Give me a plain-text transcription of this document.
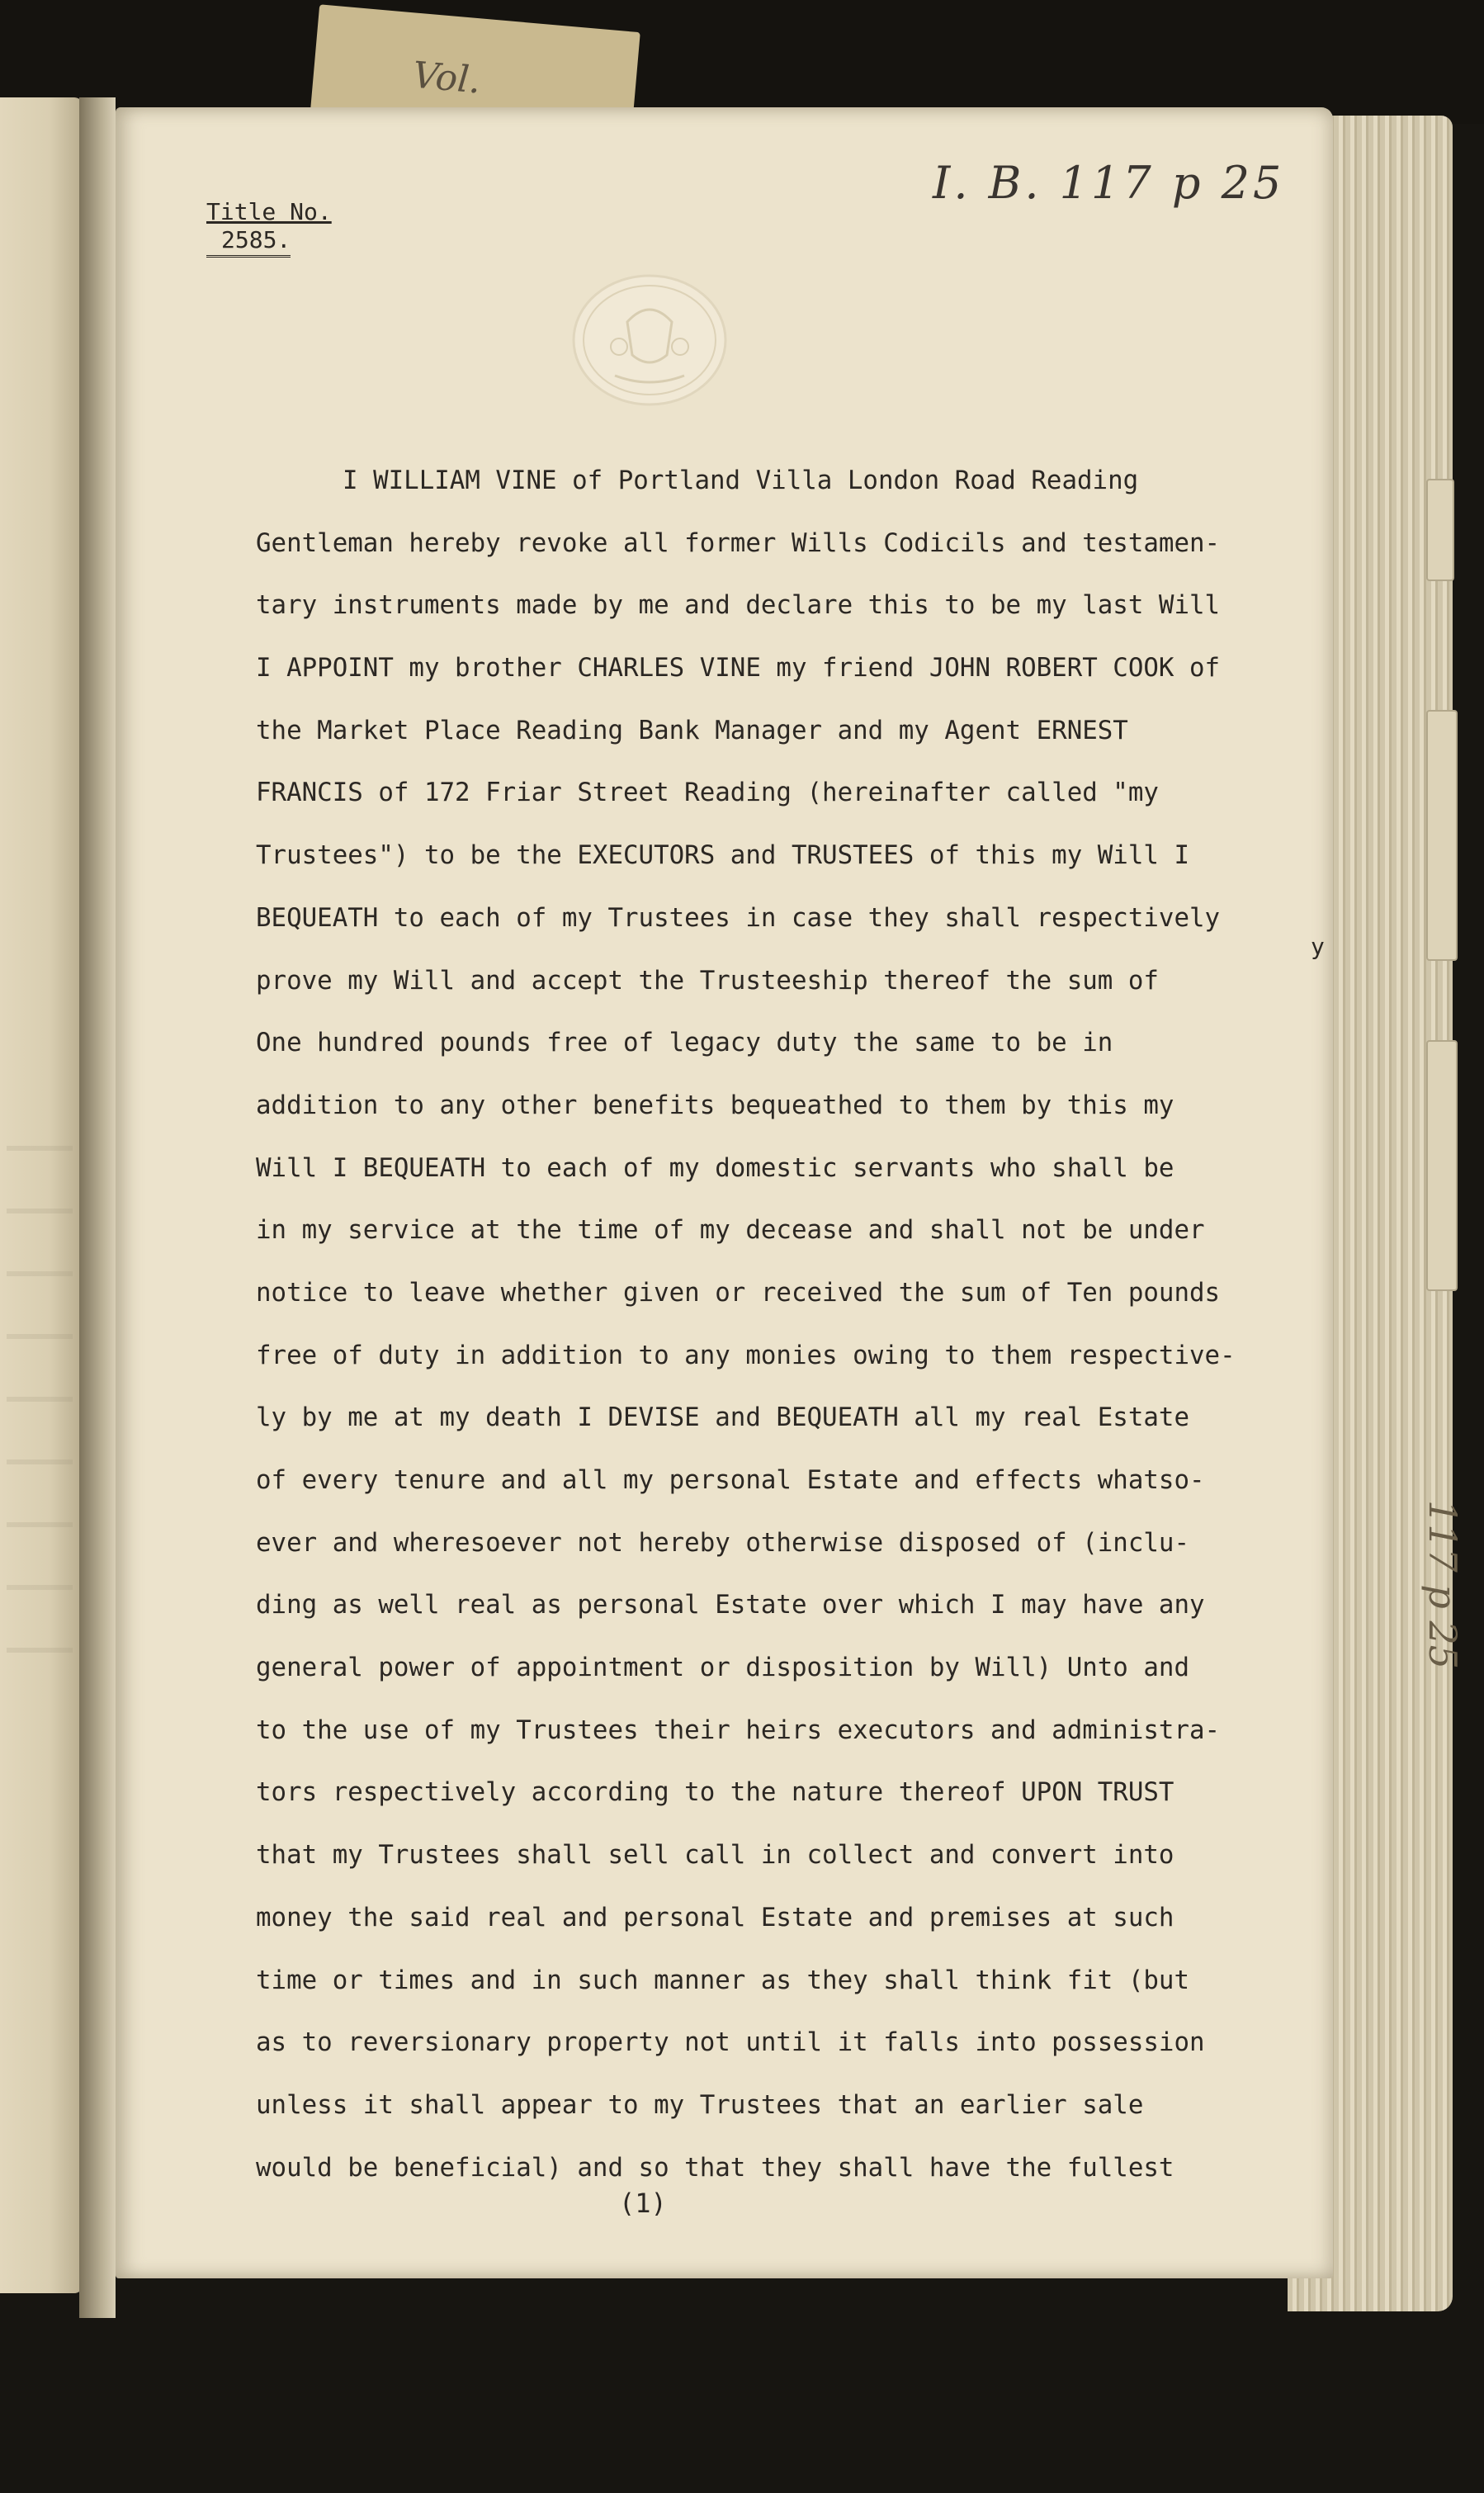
Vol.
117 p 25
Title No.
2585.
I. B. 117 p 25
I WILLIAM VINE of Portland Villa London Road Reading
Gentleman hereby revoke all former Wills Codicils and testamen-
tary instruments made by me and declare this to be my last Will
I APPOINT my brother CHARLES VINE my friend JOHN ROBERT COOK of
the Market Place Reading Bank Manager and my Agent ERNEST
FRANCIS of 172 Friar Street Reading (hereinafter called "my
Trustees") to be the EXECUTORS and TRUSTEES of this my Will I
BEQUEATH to each of my Trustees in case they shall respectively
prove my Will and accept the Trusteeship thereof the sum of
One hundred pounds free of legacy duty the same to be in
addition to any other benefits bequeathed to them by this my
Will I BEQUEATH to each of my domestic servants who shall be
in my service at the time of my decease and shall not be under
notice to leave whether given or received the sum of Ten pounds
free of duty in addition to any monies owing to them respective-
ly by me at my death I DEVISE and BEQUEATH all my real Estate
of every tenure and all my personal Estate and effects whatso-
ever and wheresoever not hereby otherwise disposed of (inclu-
ding as well real as personal Estate over which I may have any
general power of appointment or disposition by Will) Unto and
to the use of my Trustees their heirs executors and administra-
tors respectively according to the nature thereof UPON TRUST
that my Trustees shall sell call in collect and convert into
money the said real and personal Estate and premises at such
time or times and in such manner as they shall think fit (but
as to reversionary property not until it falls into possession
unless it shall appear to my Trustees that an earlier sale
would be beneficial) and so that they shall have the fullest
y
(1)
